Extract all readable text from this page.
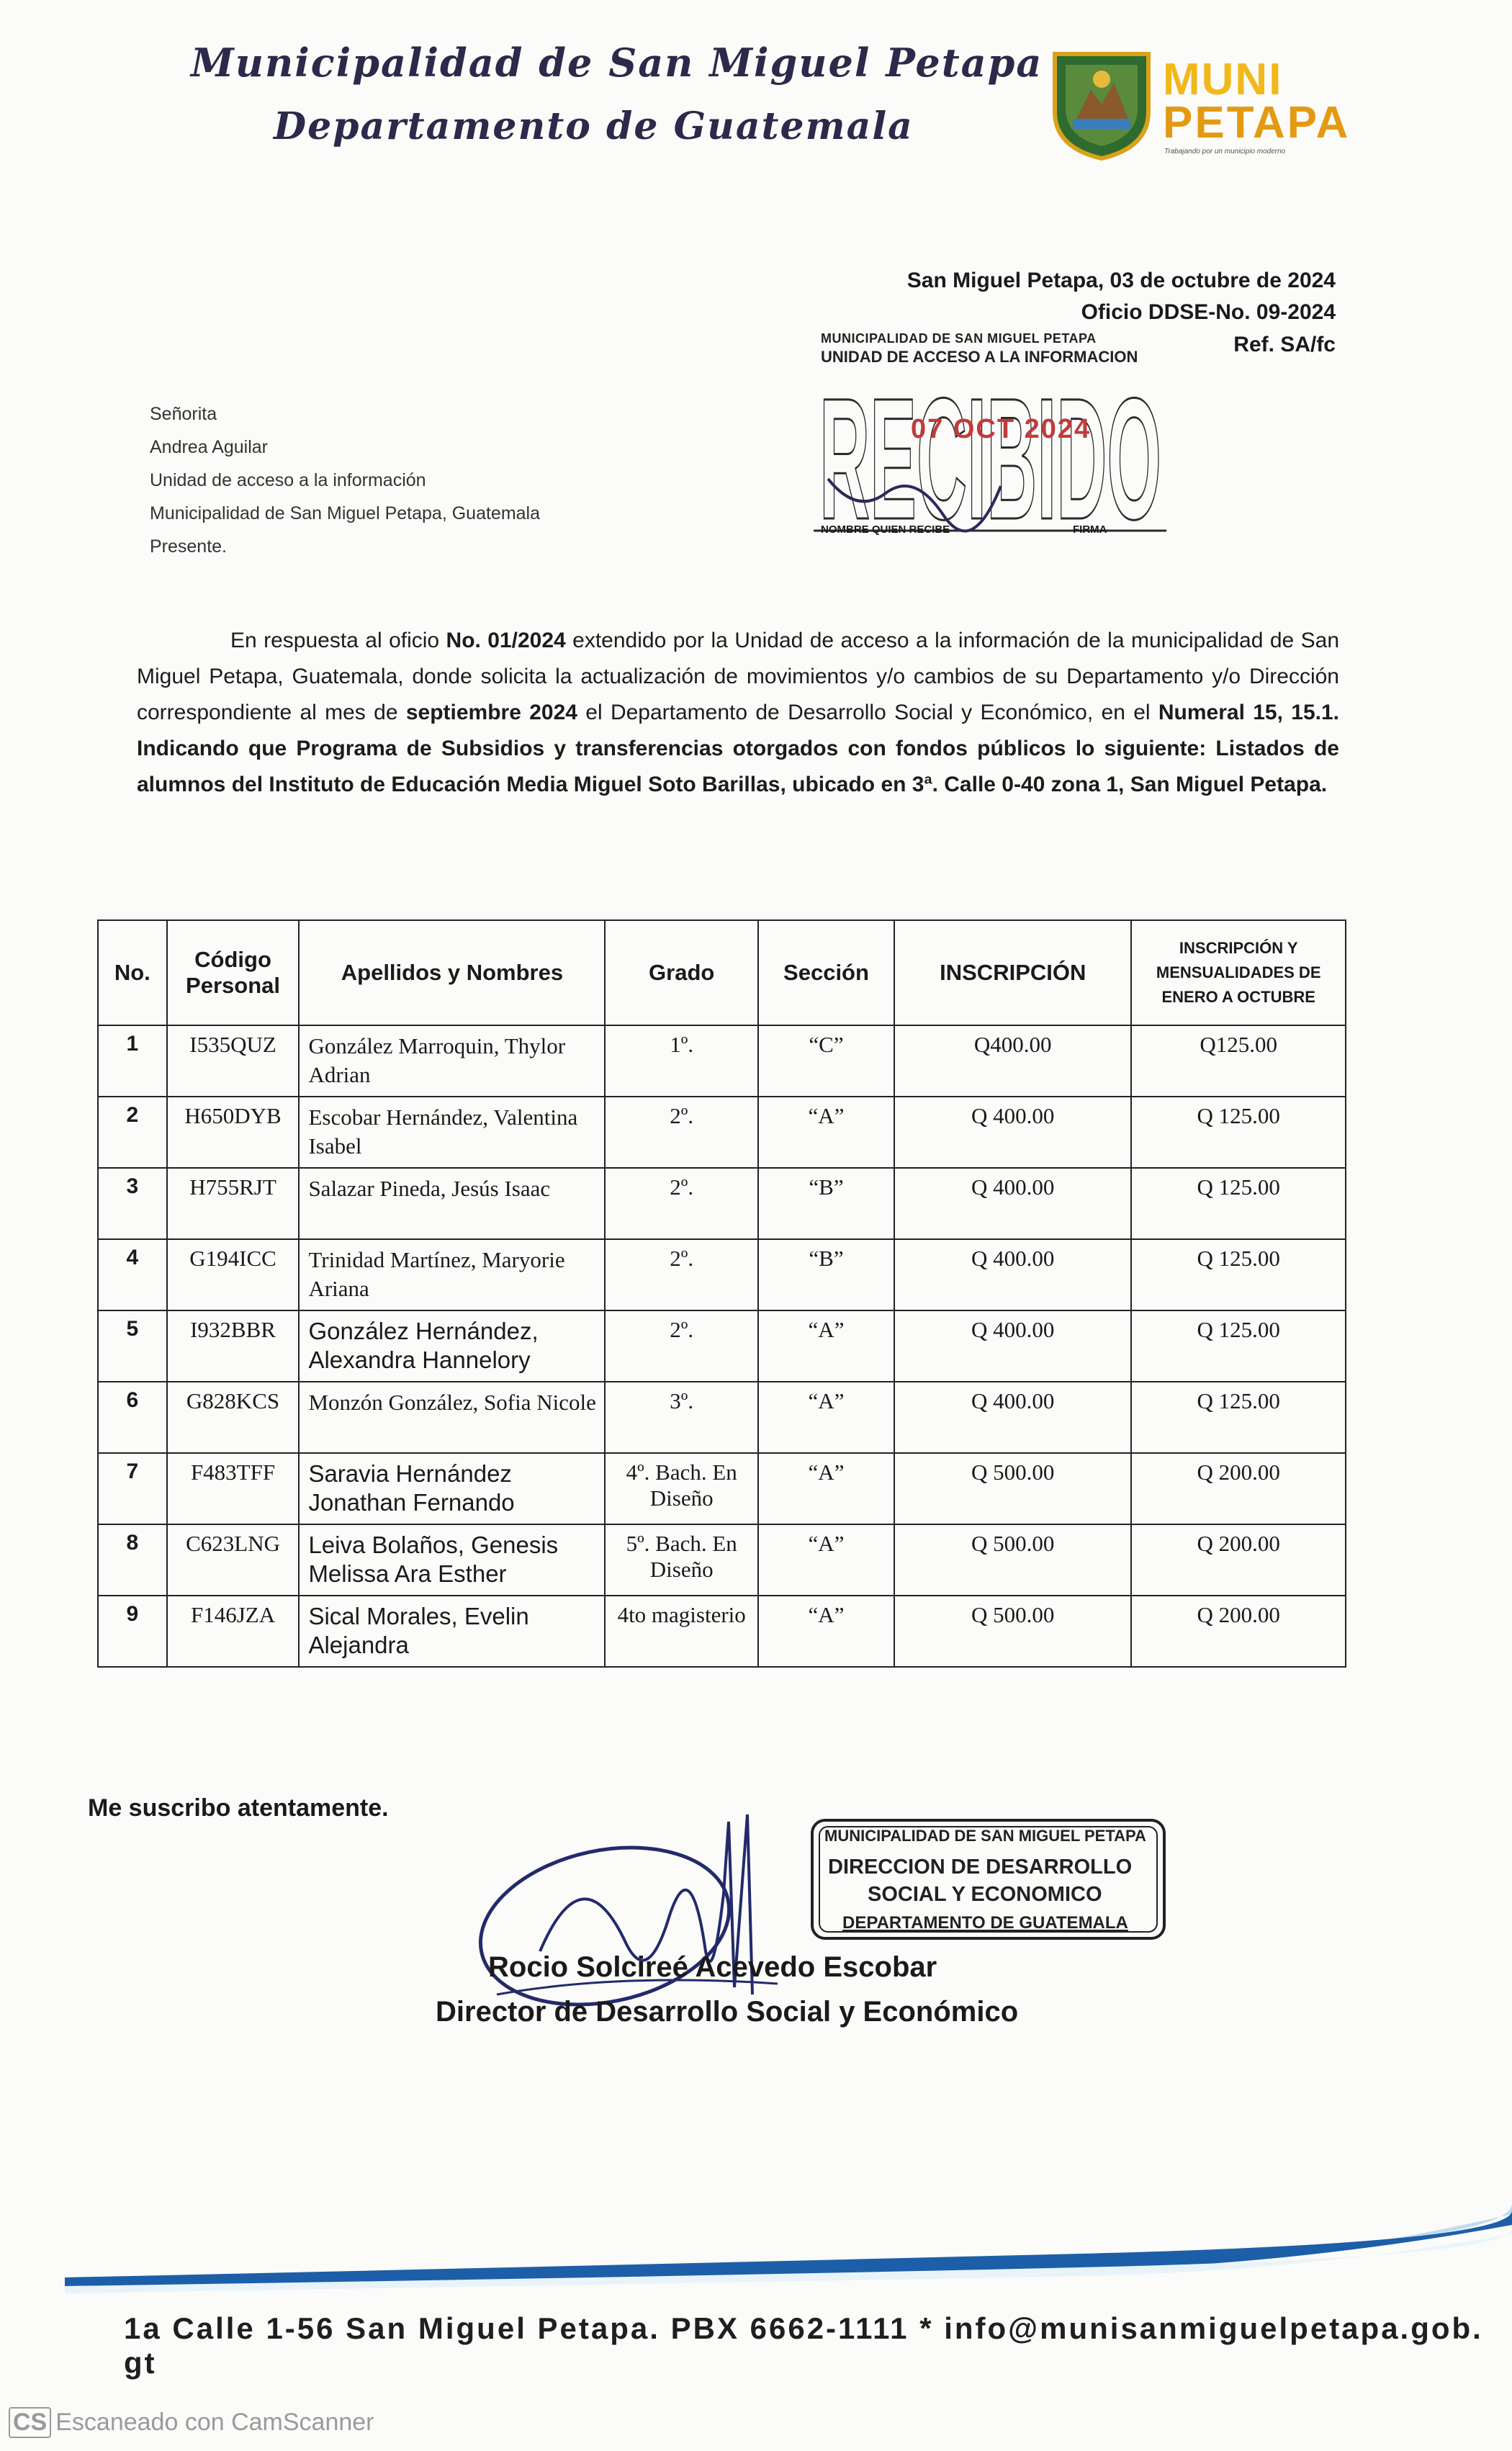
Municipalidad de San Miguel Petapa
Departamento de Guatemala
MUNI
PETAPA
Trabajando por un municipio moderno
San Miguel Petapa, 03 de octubre de 2024
Oficio DDSE-No. 09-2024
Ref. SA/fc
MUNICIPALIDAD DE SAN MIGUEL PETAPA
UNIDAD DE ACCESO A LA INFORMACION
RECIBIDO
07 OCT 2024
NOMBRE QUIEN RECIBE	FIRMA
Señorita
Andrea Aguilar
Unidad de acceso a la información
Municipalidad de San Miguel Petapa, Guatemala
Presente.
En respuesta al oficio No. 01/2024 extendido por la Unidad de acceso a la información de la municipalidad de San Miguel Petapa, Guatemala, donde solicita la actualización de movimientos y/o cambios de su Departamento y/o Dirección correspondiente al mes de septiembre 2024 el Departamento de Desarrollo Social y Económico, en el Numeral 15, 15.1. Indicando que Programa de Subsidios y transferencias otorgados con fondos públicos lo siguiente: Listados de alumnos del Instituto de Educación Media Miguel Soto Barillas, ubicado en 3ª. Calle 0-40 zona 1, San Miguel Petapa.
No.	Código Personal	Apellidos y Nombres	Grado	Sección	INSCRIPCIÓN	INSCRIPCIÓN Y MENSUALIDADES DE ENERO A OCTUBRE
1	I535QUZ	González Marroquin, Thylor Adrian	1º.	“C”	Q400.00	Q125.00
2	H650DYB	Escobar Hernández, Valentina Isabel	2º.	“A”	Q 400.00	Q 125.00
3	H755RJT	Salazar Pineda, Jesús Isaac	2º.	“B”	Q 400.00	Q 125.00
4	G194ICC	Trinidad Martínez, Maryorie Ariana	2º.	“B”	Q 400.00	Q 125.00
5	I932BBR	González Hernández, Alexandra Hannelory	2º.	“A”	Q 400.00	Q 125.00
6	G828KCS	Monzón González, Sofia Nicole	3º.	“A”	Q 400.00	Q 125.00
7	F483TFF	Saravia Hernández Jonathan Fernando	4º. Bach. En Diseño	“A”	Q 500.00	Q 200.00
8	C623LNG	Leiva Bolaños, Genesis Melissa Ara Esther	5º. Bach. En Diseño	“A”	Q 500.00	Q 200.00
9	F146JZA	Sical Morales, Evelin Alejandra	4to magisterio	“A”	Q 500.00	Q 200.00
Me suscribo atentamente.
Rocio Solcireé Acevedo Escobar
Director de Desarrollo Social y Económico
MUNICIPALIDAD DE SAN MIGUEL PETAPA
DIRECCION DE DESARROLLO
SOCIAL Y ECONOMICO
DEPARTAMENTO DE GUATEMALA
1a Calle 1-56 San Miguel Petapa. PBX 6662-1111 * info@munisanmiguelpetapa.gob. gt
CS Escaneado con CamScanner
